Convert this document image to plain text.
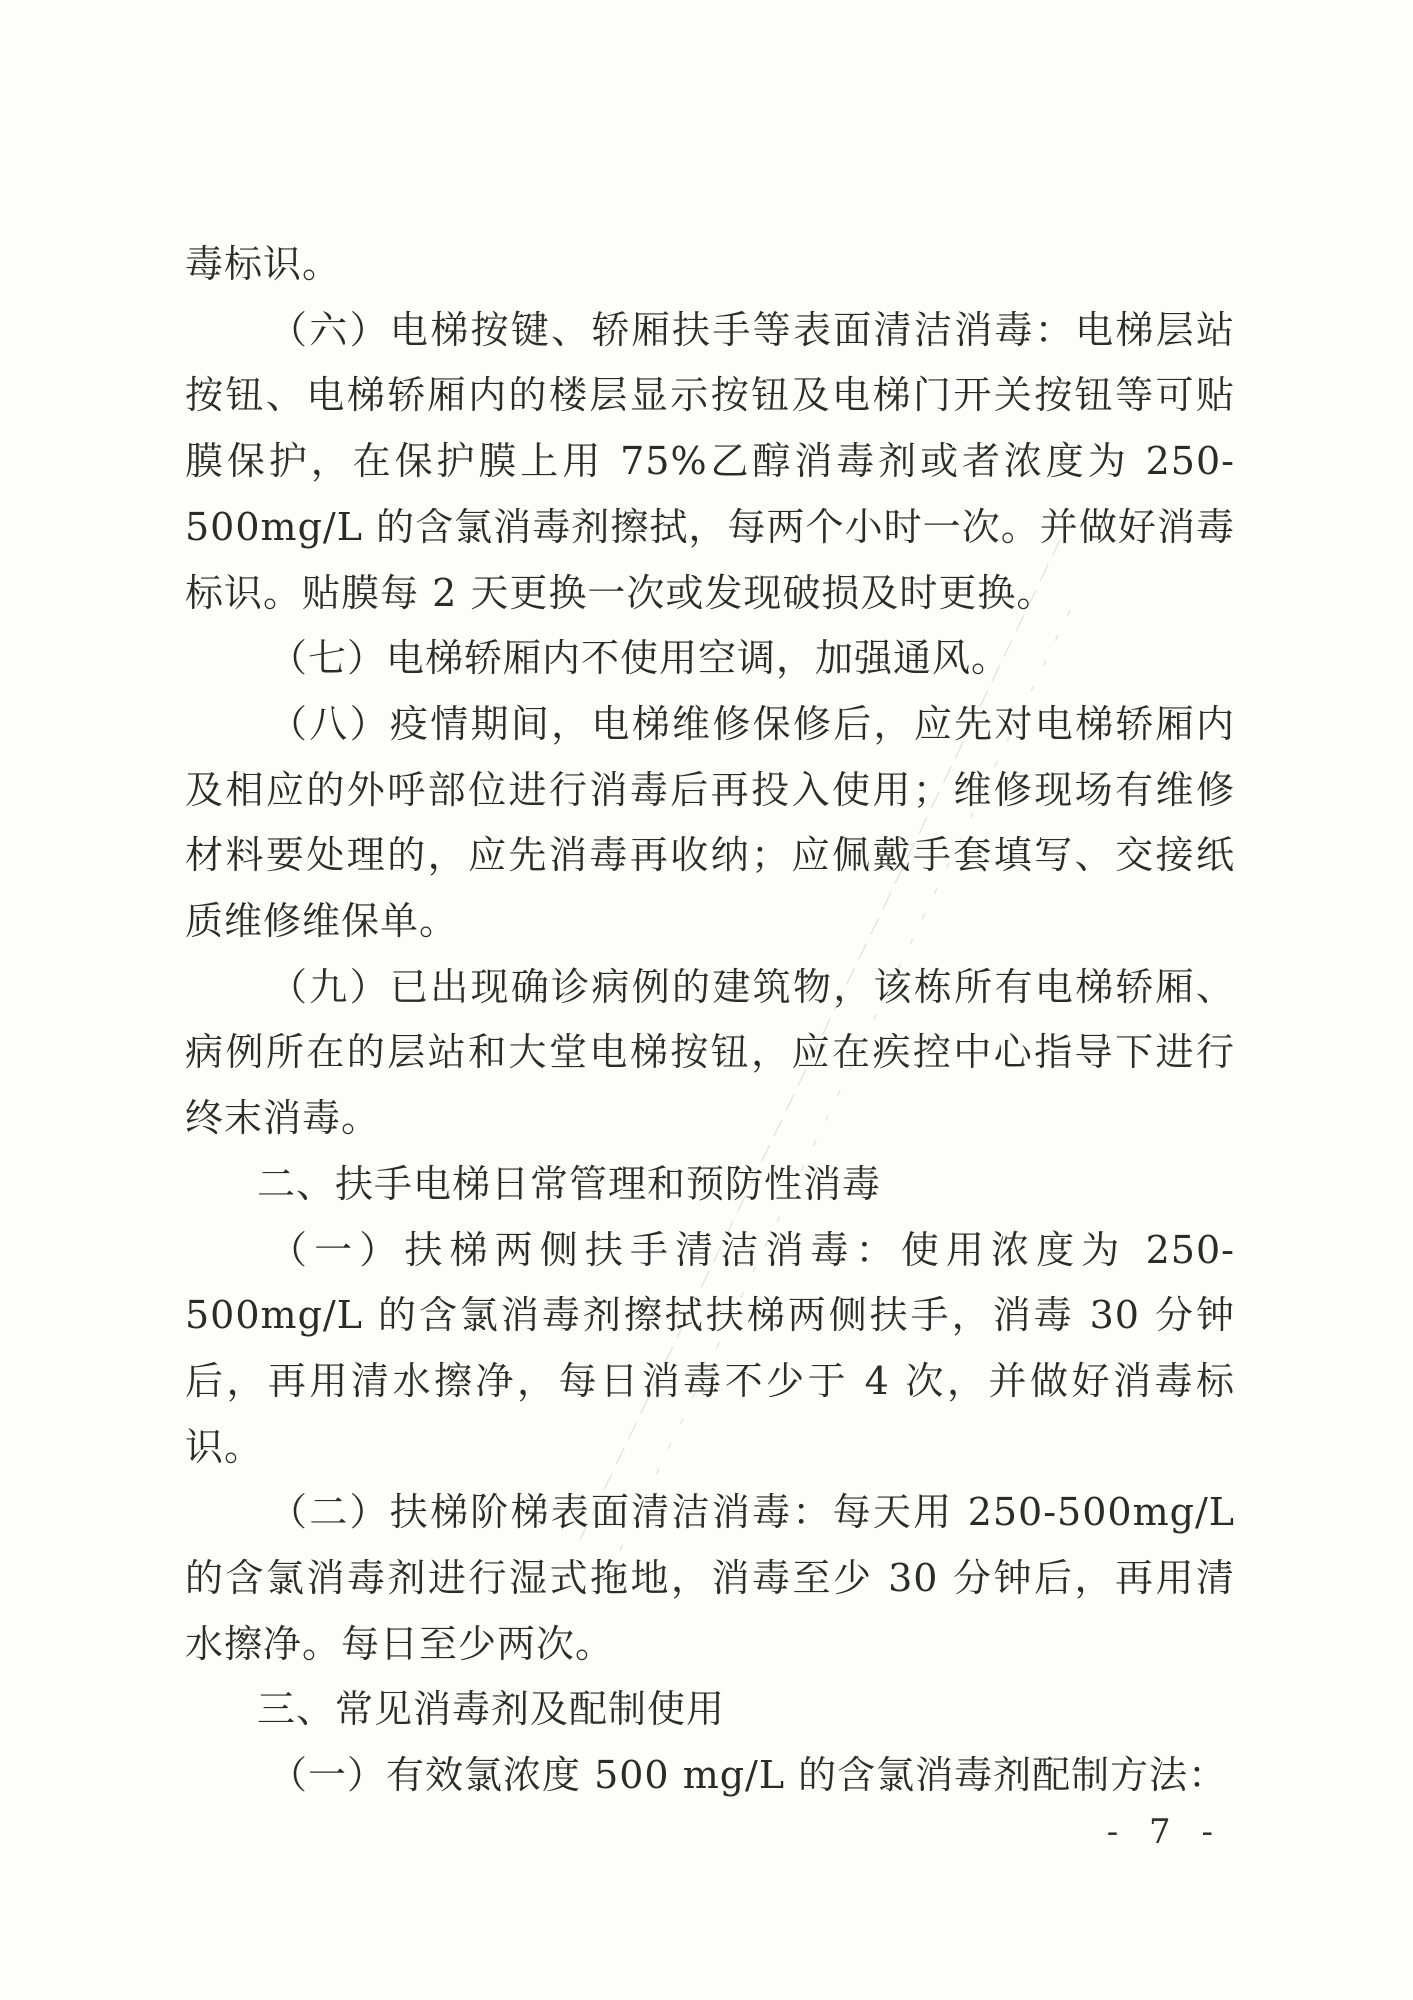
毒标识。

（六）电梯按键、轿厢扶手等表面清洁消毒：电梯层站按钮、电梯轿厢内的楼层显示按钮及电梯门开关按钮等可贴膜保护，在保护膜上用 75%乙醇消毒剂或者浓度为 250-500mg/L 的含氯消毒剂擦拭，每两个小时一次。并做好消毒标识。贴膜每 2 天更换一次或发现破损及时更换。

（七）电梯轿厢内不使用空调，加强通风。

（八）疫情期间，电梯维修保修后，应先对电梯轿厢内及相应的外呼部位进行消毒后再投入使用；维修现场有维修材料要处理的，应先消毒再收纳；应佩戴手套填写、交接纸质维修维保单。

（九）已出现确诊病例的建筑物，该栋所有电梯轿厢、病例所在的层站和大堂电梯按钮，应在疾控中心指导下进行终末消毒。

二、扶手电梯日常管理和预防性消毒

（一）扶梯两侧扶手清洁消毒：使用浓度为 250-500mg/L 的含氯消毒剂擦拭扶梯两侧扶手，消毒 30 分钟后，再用清水擦净，每日消毒不少于 4 次，并做好消毒标识。

（二）扶梯阶梯表面清洁消毒：每天用 250-500mg/L 的含氯消毒剂进行湿式拖地，消毒至少 30 分钟后，再用清水擦净。每日至少两次。

三、常见消毒剂及配制使用

（一）有效氯浓度 500 mg/L 的含氯消毒剂配制方法：

- 7 -
